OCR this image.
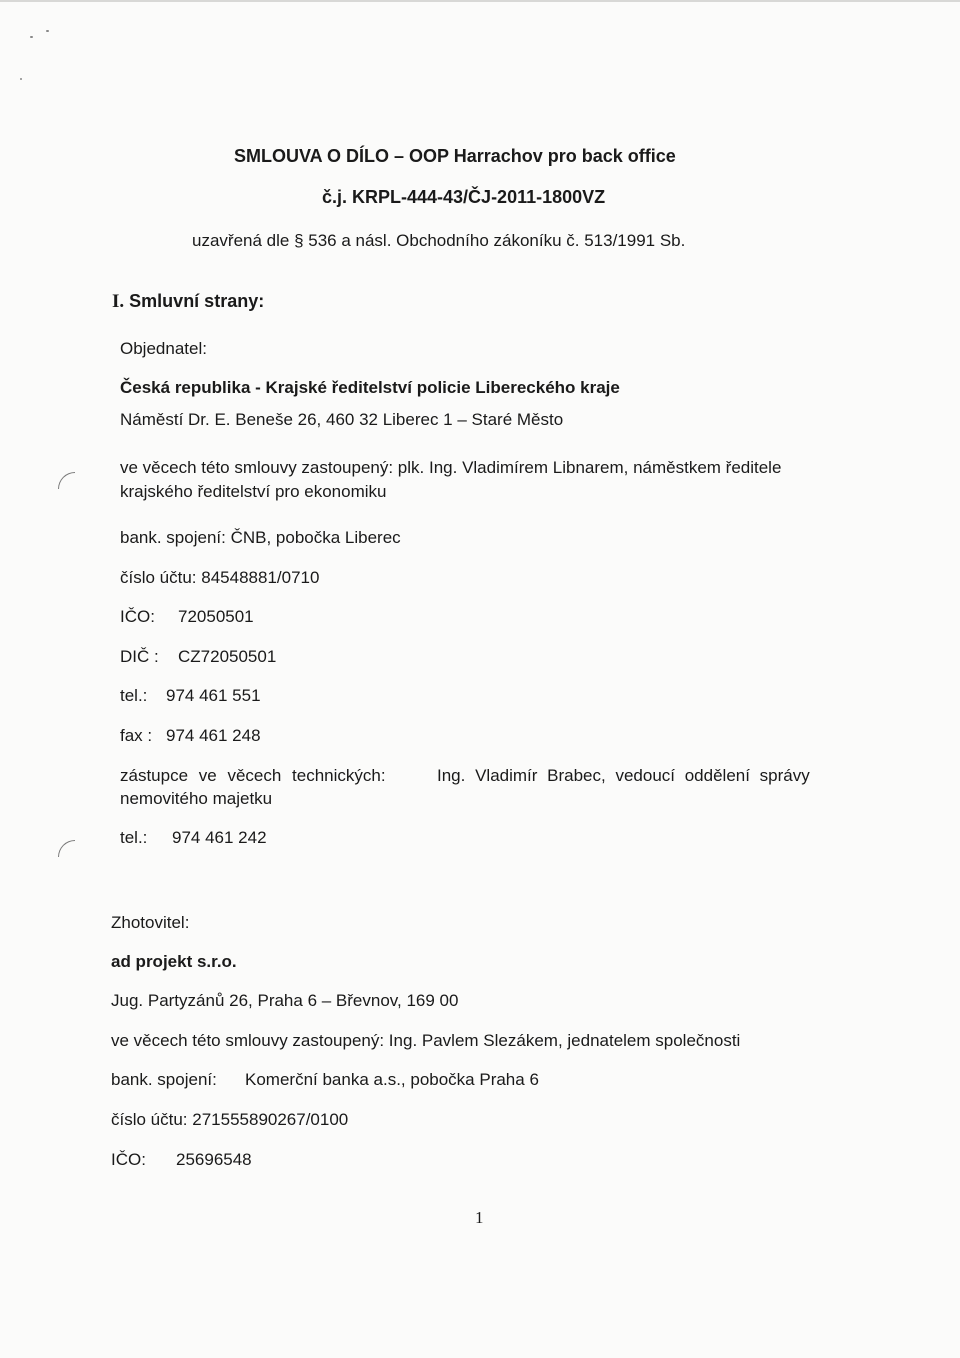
SMLOUVA O DÍLO – OOP Harrachov pro back office
č.j. KRPL-444-43/ČJ-2011-1800VZ
uzavřená dle § 536 a násl. Obchodního zákoníku č. 513/1991 Sb.
I. Smluvní strany:
Objednatel:
Česká republika - Krajské ředitelství policie Libereckého kraje
Náměstí Dr. E. Beneše 26, 460 32 Liberec 1 – Staré Město
ve věcech této smlouvy zastoupený: plk. Ing. Vladimírem Libnarem, náměstkem ředitele
krajského ředitelství pro ekonomiku
bank. spojení: ČNB, pobočka Liberec
číslo účtu: 84548881/0710
IČO: 72050501
DIČ : CZ72050501
tel.: 974 461 551
fax : 974 461 248
zástupce ve věcech technických:	Ing. Vladimír Brabec, vedoucí oddělení správy
nemovitého majetku
tel.: 974 461 242
Zhotovitel:
ad projekt s.r.o.
Jug. Partyzánů 26, Praha 6 – Břevnov, 169 00
ve věcech této smlouvy zastoupený: Ing. Pavlem Slezákem, jednatelem společnosti
bank. spojení: Komerční banka a.s., pobočka Praha 6
číslo účtu: 271555890267/0100
IČO: 25696548
1
